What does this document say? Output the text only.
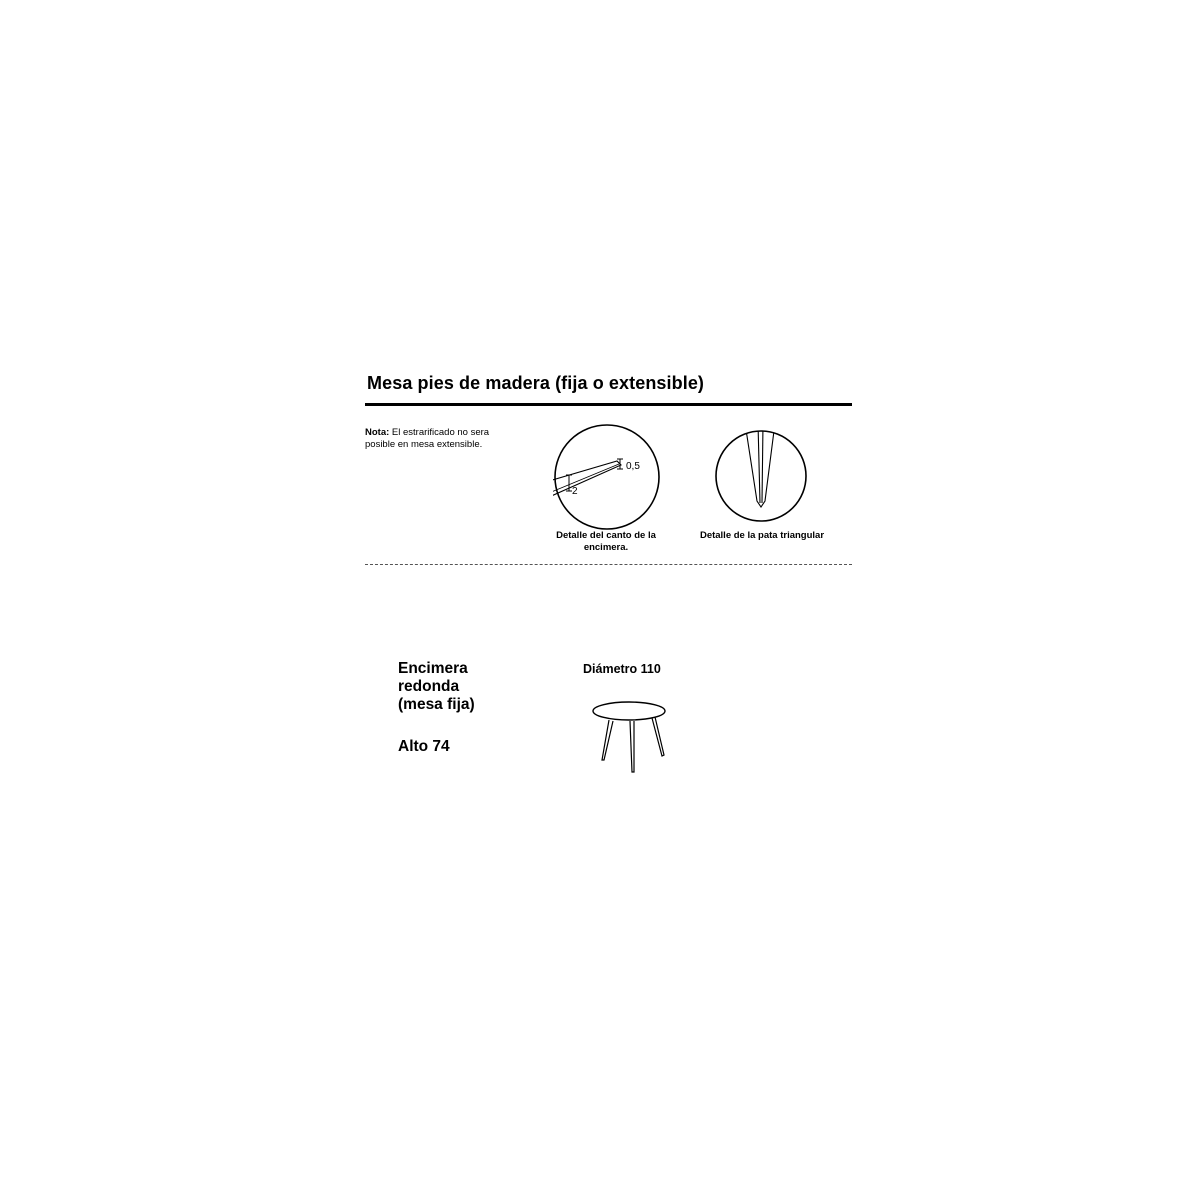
Mesa pies de madera (fija o extensible)
Nota: El estrarificado no sera posible en mesa extensible.
0,5
2
Detalle del canto de la encimera.
Detalle de la pata triangular
Encimera
redonda
(mesa fija)
Alto 74
Diámetro 110
